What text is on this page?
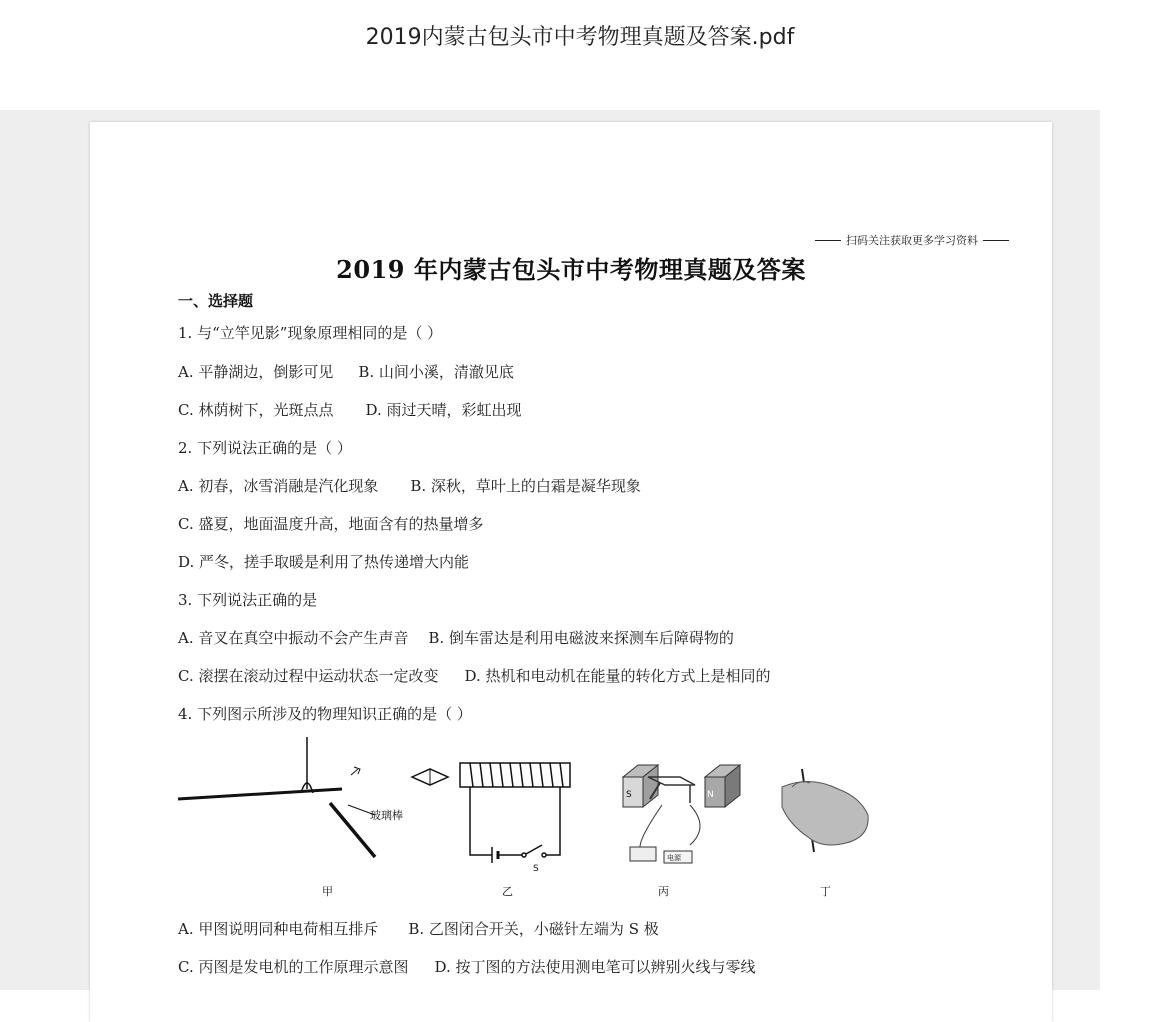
2019内蒙古包头市中考物理真题及答案.pdf
扫码关注获取更多学习资料
2019 年内蒙古包头市中考物理真题及答案
一、选择题
1. 与“立竿见影”现象原理相同的是（ ）
A. 平静湖边，倒影可见 B. 山间小溪，清澈见底
C. 林荫树下，光斑点点 D. 雨过天晴，彩虹出现
2. 下列说法正确的是（ ）
A. 初春，冰雪消融是汽化现象 B. 深秋，草叶上的白霜是凝华现象
C. 盛夏，地面温度升高，地面含有的热量增多
D. 严冬，搓手取暖是利用了热传递增大内能
3. 下列说法正确的是
A. 音叉在真空中振动不会产生声音 B. 倒车雷达是利用电磁波来探测车后障碍物的
C. 滚摆在滚动过程中运动状态一定改变 D. 热机和电动机在能量的转化方式上是相同的
4. 下列图示所涉及的物理知识正确的是（ ）
玻璃棒
S
S	N
电源
甲	乙	丙	丁
A. 甲图说明同种电荷相互排斥 B. 乙图闭合开关，小磁针左端为 S 极
C. 丙图是发电机的工作原理示意图 D. 按丁图的方法使用测电笔可以辨别火线与零线
